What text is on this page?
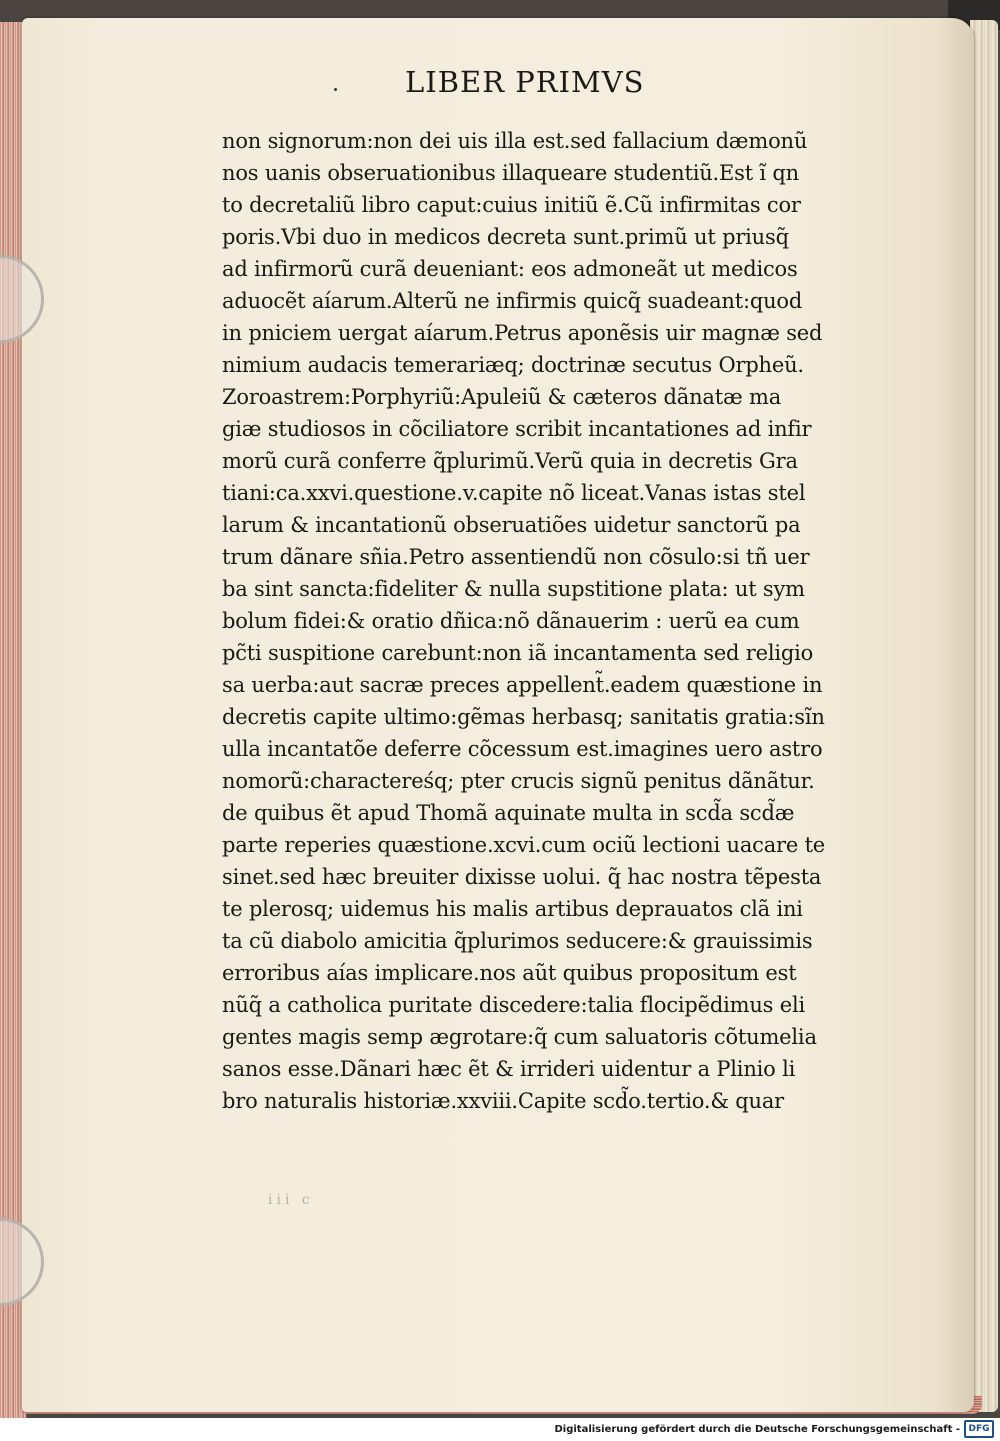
LIBER PRIMVS
non signorum:non dei uis illa est.sed fallacium dæmonũ
nos uanis obseruationibus illaqueare studentiũ.Est ĩ qn
to decretaliũ libro caput:cuius initiũ ẽ.Cũ infirmitas cor
poris.Vbi duo in medicos decreta sunt.primũ ut priusq̃
ad infirmorũ curã deueniant: eos admoneãt ut medicos
aduocẽt aíarum.Alterũ ne infirmis quicq̃ suadeant:quod
in pniciem uergat aíarum.Petrus aponẽsis uir magnæ sed
nimium audacis temerariæq; doctrinæ secutus Orpheũ.
Zoroastrem:Porphyriũ:Apuleiũ & cæteros dãnatæ ma
giæ studiosos in cõciliatore scribit incantationes ad infir
morũ curã conferre q̃plurimũ.Verũ quia in decretis Gra
tiani:ca.xxvi.questione.v.capite nõ liceat.Vanas istas stel
larum & incantationũ obseruatiões uidetur sanctorũ pa
trum dãnare sñia.Petro assentiendũ non cõsulo:si tñ uer
ba sint sancta:fideliter & nulla supstitione plata: ut sym
bolum fidei:& oratio dñica:nõ dãnauerim : uerũ ea cum
pc̃ti suspitione carebunt:non iã incantamenta sed religio
sa uerba:aut sacræ preces appellent̃.eadem quæstione in
decretis capite ultimo:gẽmas herbasq; sanitatis gratia:sĩn
ulla incantatõe deferre cõcessum est.imagines uero astro
nomorũ:charactereśq; pter crucis signũ penitus dãnãtur.
de quibus ẽt apud Thomã aquinate multa in scd̃a scd̃æ
parte reperies quæstione.xcvi.cum ociũ lectioni uacare te
sinet.sed hæc breuiter dixisse uolui. q̃ hac nostra tẽpesta
te plerosq; uidemus his malis artibus deprauatos clã ini
ta cũ diabolo amicitia q̃plurimos seducere:& grauissimis
erroribus aías implicare.nos aũt quibus propositum est
nũq̃ a catholica puritate discedere:talia flocipẽdimus eli
gentes magis semp ægrotare:q̃ cum saluatoris cõtumelia
sanos esse.Dãnari hæc ẽt & irrideri uidentur a Plinio li
bro naturalis historiæ.xxviii.Capite scd̃o.tertio.& quar
iii c
Digitalisierung gefördert durch die Deutsche Forschungsgemeinschaft - DFG
